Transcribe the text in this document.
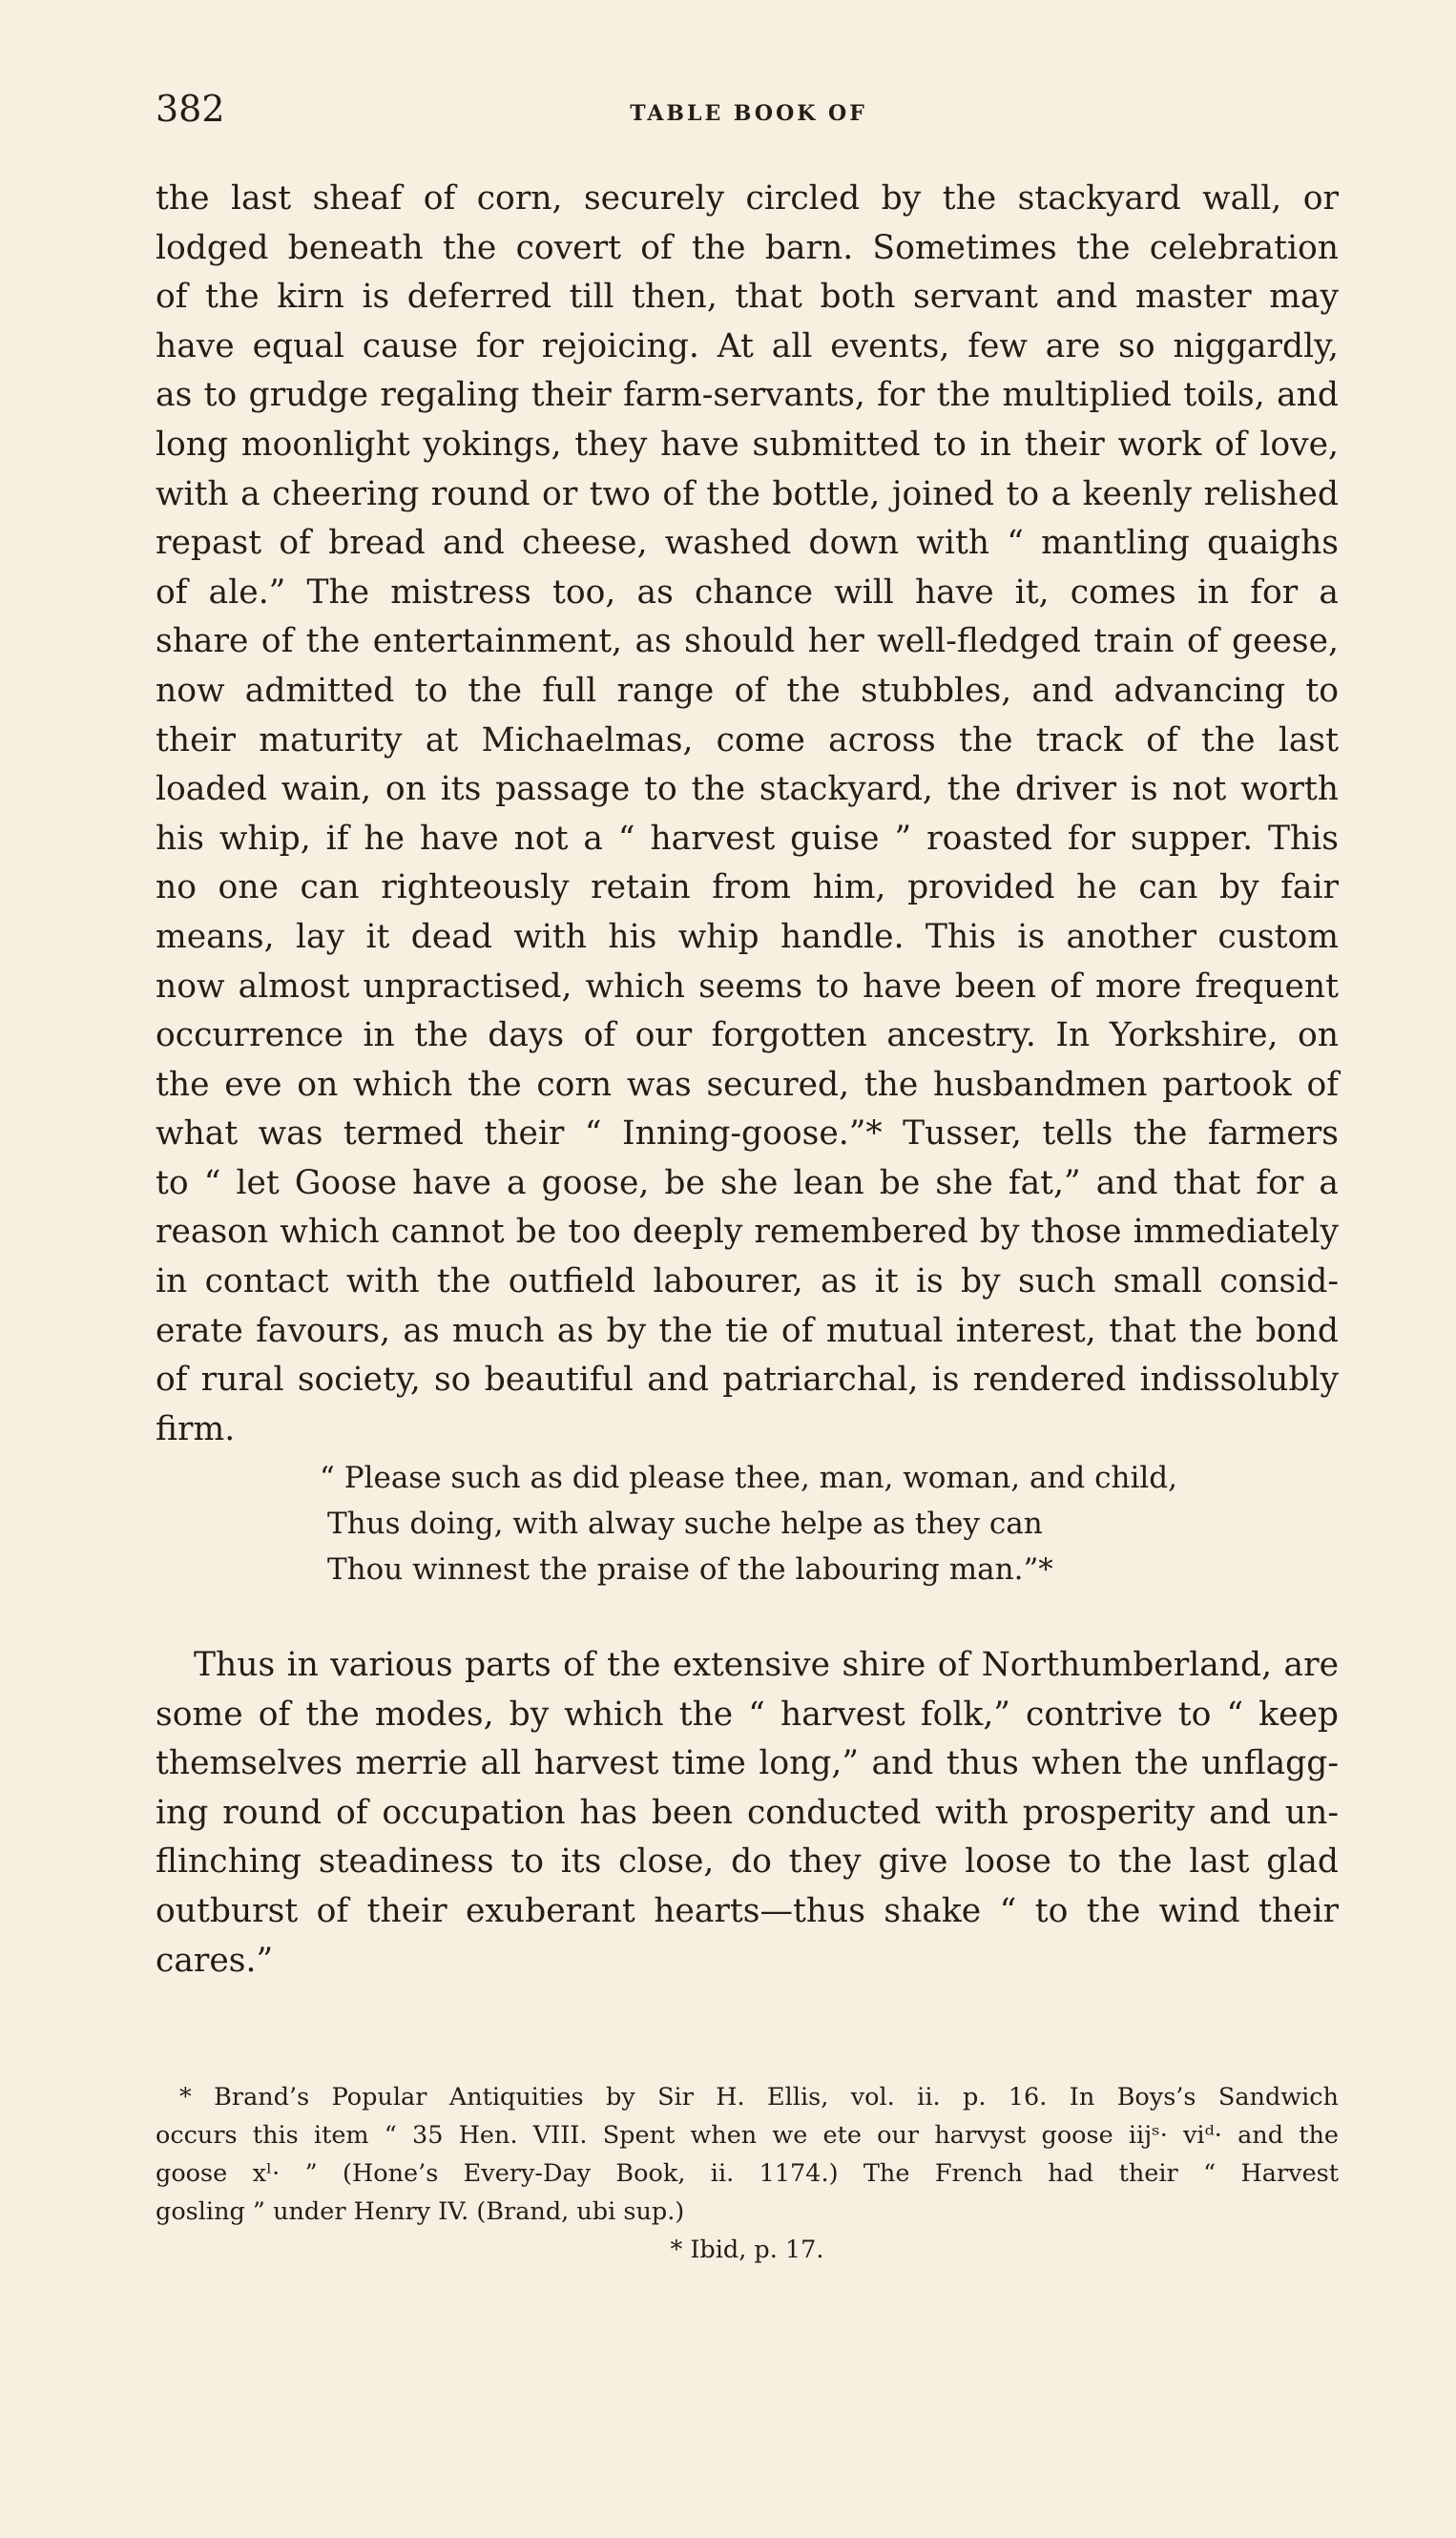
382	TABLE BOOK OF
the last sheaf of corn, securely circled by the stackyard wall, or
lodged beneath the covert of the barn. Sometimes the celebration
of the kirn is deferred till then, that both servant and master may
have equal cause for rejoicing. At all events, few are so niggardly,
as to grudge regaling their farm-servants, for the multiplied toils, and
long moonlight yokings, they have submitted to in their work of love,
with a cheering round or two of the bottle, joined to a keenly relished
repast of bread and cheese, washed down with “ mantling quaighs
of ale.” The mistress too, as chance will have it, comes in for a
share of the entertainment, as should her well-fledged train of geese,
now admitted to the full range of the stubbles, and advancing to
their maturity at Michaelmas, come across the track of the last
loaded wain, on its passage to the stackyard, the driver is not worth
his whip, if he have not a “ harvest guise ” roasted for supper. This
no one can righteously retain from him, provided he can by fair
means, lay it dead with his whip handle. This is another custom
now almost unpractised, which seems to have been of more frequent
occurrence in the days of our forgotten ancestry. In Yorkshire, on
the eve on which the corn was secured, the husbandmen partook of
what was termed their “ Inning-goose.”* Tusser, tells the farmers
to “ let Goose have a goose, be she lean be she fat,” and that for a
reason which cannot be too deeply remembered by those immediately
in contact with the outfield labourer, as it is by such small consid-
erate favours, as much as by the tie of mutual interest, that the bond
of rural society, so beautiful and patriarchal, is rendered indissolubly
firm.
“ Please such as did please thee, man, woman, and child,
Thus doing, with alway suche helpe as they can
Thou winnest the praise of the labouring man.”*
Thus in various parts of the extensive shire of Northumberland, are
some of the modes, by which the “ harvest folk,” contrive to “ keep
themselves merrie all harvest time long,” and thus when the unflagg-
ing round of occupation has been conducted with prosperity and un-
flinching steadiness to its close, do they give loose to the last glad
outburst of their exuberant hearts—thus shake “ to the wind their
cares.”
* Brand’s Popular Antiquities by Sir H. Ellis, vol. ii. p. 16. In Boys’s Sandwich
occurs this item “ 35 Hen. VIII. Spent when we ete our harvyst goose iijˢ· viᵈ· and the
goose xˡ· ” (Hone’s Every-Day Book, ii. 1174.) The French had their “ Harvest
gosling ” under Henry IV. (Brand, ubi sup.)
* Ibid, p. 17.
